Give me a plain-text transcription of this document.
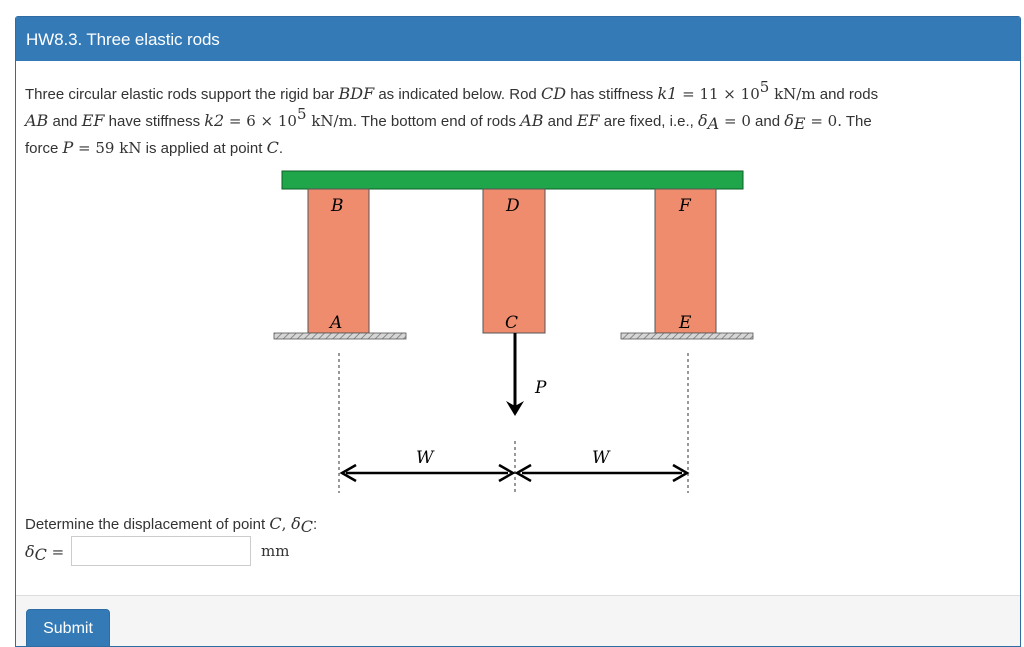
HW8.3. Three elastic rods

Three circular elastic rods support the rigid bar BDF as indicated below. Rod CD has stiffness $k1 = 11 \times 10^5$ kN/m and rods
AB and EF have stiffness $k2 = 6 \times 10^5$ kN/m. The bottom end of rods AB and EF are fixed, i.e., $\delta_A = 0$ and $\delta_E = 0$. The
force P = 59 kN is applied at point C.

B	D	F
A	C	E
P
W	W
Determine the displacement of point C, $\delta_C$:
$\delta_C$ =	mm
Submit
